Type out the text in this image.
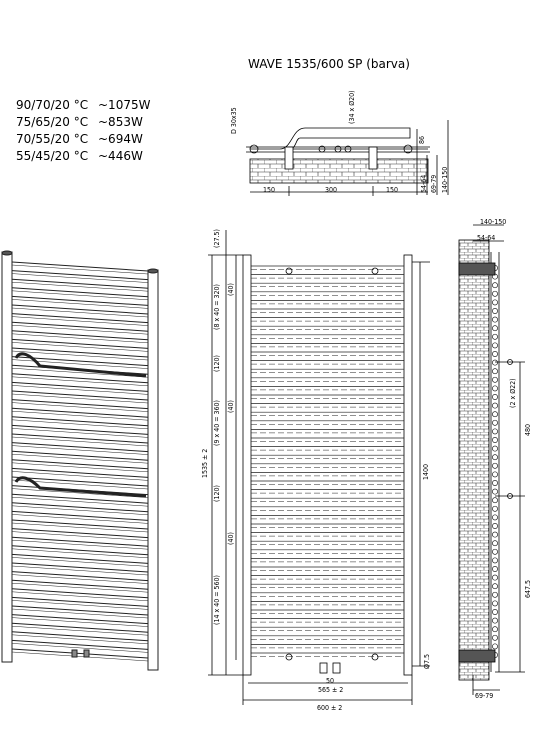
WAVE 1535/600 SP (barva)
90/70/20 °C ~1075W
75/65/20 °C ~853W
70/55/20 °C ~694W
55/45/20 °C ~446W
D 30x35	(34 x Ø20)
86
150	300	150	54-64 69-79 140-150
(27.5)
1535 ± 2
(40)
(8 x 40 = 320)
(120)
(40)
(9 x 40 = 360)
(120)
(40)
(14 x 40 = 560)
1400
50
Ø7.5
565 ± 2
600 ± 2
140-150
54-64
(2 x Ø22)
480
647.5
69-79
